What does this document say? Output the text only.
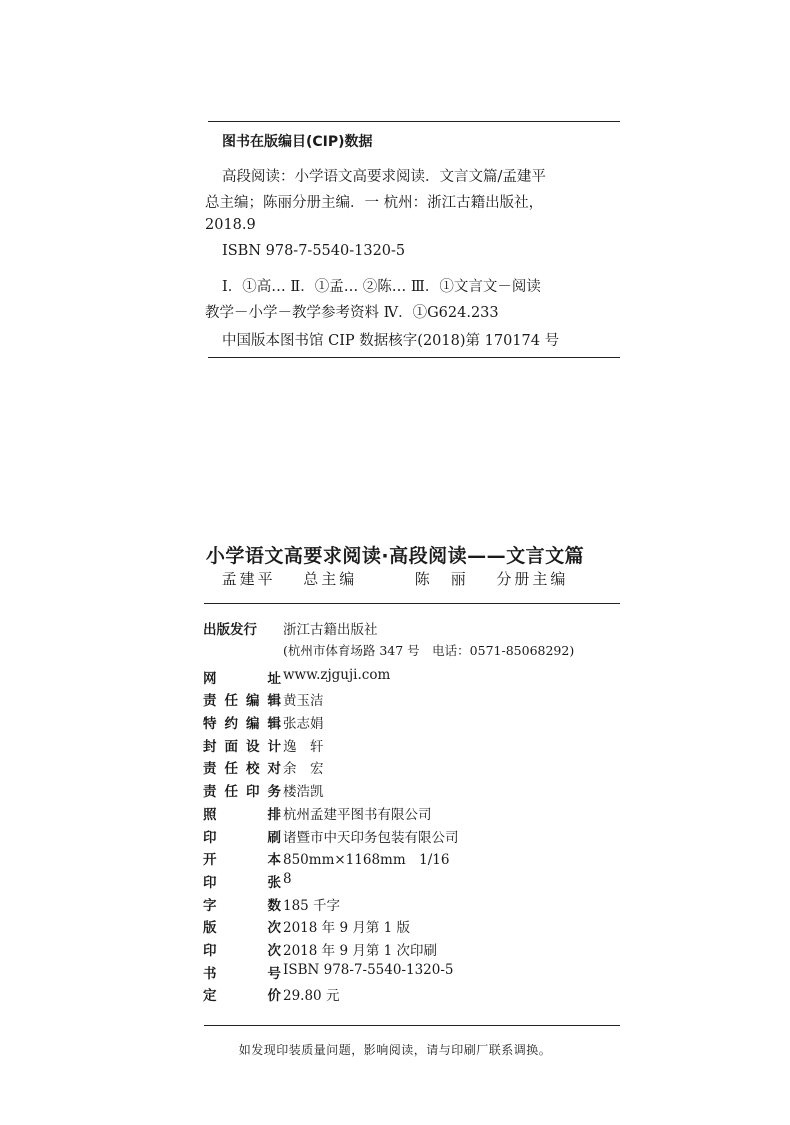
图书在版编目(CIP)数据
高段阅读：小学语文高要求阅读．文言文篇/孟建平
总主编；陈丽分册主编．一 杭州：浙江古籍出版社，
2018.9
ISBN 978-7-5540-1320-5
Ⅰ．①高… Ⅱ．①孟… ②陈… Ⅲ．①文言文－阅读
教学－小学－教学参考资料 Ⅳ．①G624.233
中国版本图书馆 CIP 数据核字(2018)第 170174 号
小学语文高要求阅读·高段阅读——文言文篇
孟建平 总主编	陈　丽 分册主编
出版发行 浙江古籍出版社
(杭州市体育场路 347 号　电话：0571-85068292)
网	址 www.zjguji.com
责 任 编 辑 黄玉洁
特 约 编 辑 张志娟
封 面 设 计 逸　轩
责 任 校 对 余　宏
责 任 印 务 楼浩凯
照	排 杭州孟建平图书有限公司
印	刷 诸暨市中天印务包装有限公司
开	本 850mm×1168mm　1/16
印	张 8
字	数 185 千字
版	次 2018 年 9 月第 1 版
印	次 2018 年 9 月第 1 次印刷
书	号 ISBN 978-7-5540-1320-5
定	价 29.80 元
如发现印装质量问题，影响阅读，请与印刷厂联系调换。
